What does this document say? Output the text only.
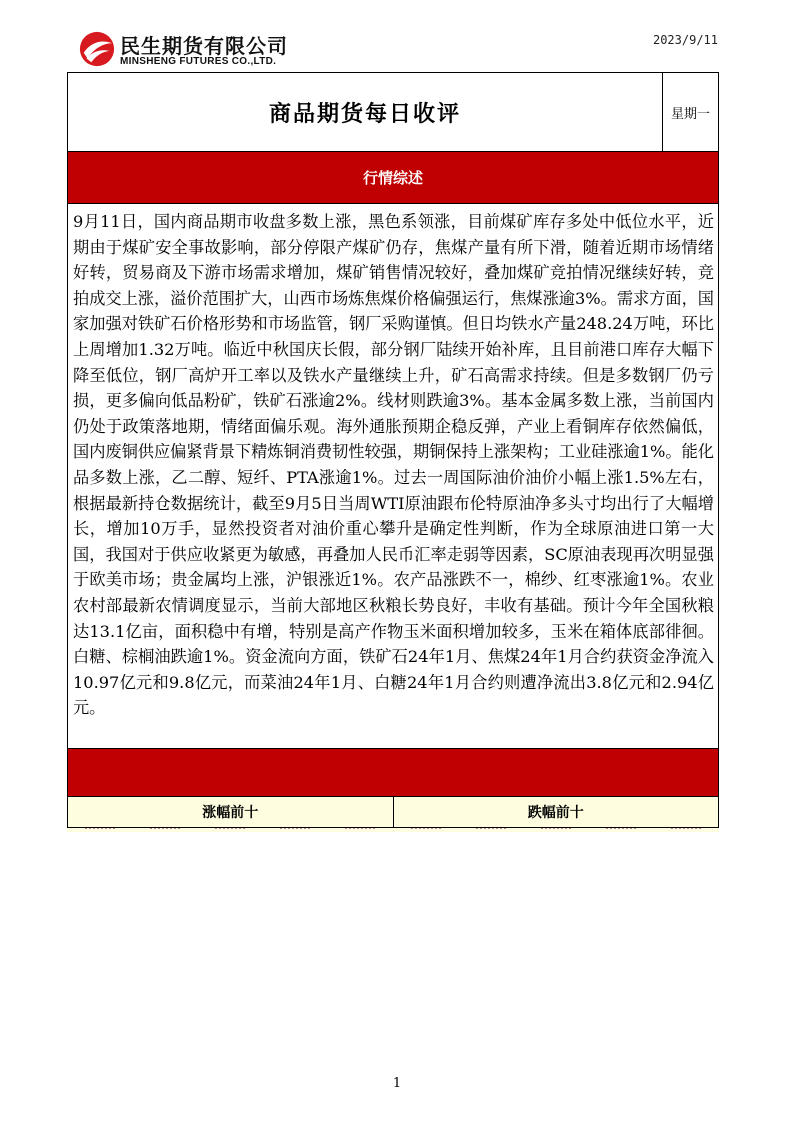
民生期货有限公司
MINSHENG FUTURES CO.,LTD.
2023/9/11
商品期货每日收评	星期一
行情综述

9月11日，国内商品期市收盘多数上涨，黑色系领涨，目前煤矿库存多处中低位水平，近期由于煤矿安全事故影响，部分停限产煤矿仍存，焦煤产量有所下滑，随着近期市场情绪好转，贸易商及下游市场需求增加，煤矿销售情况较好，叠加煤矿竞拍情况继续好转，竞拍成交上涨，溢价范围扩大，山西市场炼焦煤价格偏强运行，焦煤涨逾3%。需求方面，国家加强对铁矿石价格形势和市场监管，钢厂采购谨慎。但日均铁水产量248.24万吨，环比上周增加1.32万吨。临近中秋国庆长假，部分钢厂陆续开始补库，且目前港口库存大幅下降至低位，钢厂高炉开工率以及铁水产量继续上升，矿石高需求持续。但是多数钢厂仍亏损，更多偏向低品粉矿，铁矿石涨逾2%。线材则跌逾3%。基本金属多数上涨，当前国内仍处于政策落地期，情绪面偏乐观。海外通胀预期企稳反弹，产业上看铜库存依然偏低，国内废铜供应偏紧背景下精炼铜消费韧性较强，期铜保持上涨架构；工业硅涨逾1%。能化品多数上涨，乙二醇、短纤、PTA涨逾1%。过去一周国际油价油价小幅上涨1.5%左右，根据最新持仓数据统计，截至9月5日当周WTI原油跟布伦特原油净多头寸均出行了大幅增长，增加10万手，显然投资者对油价重心攀升是确定性判断，作为全球原油进口第一大国，我国对于供应收紧更为敏感，再叠加人民币汇率走弱等因素，SC原油表现再次明显强于欧美市场；贵金属均上涨，沪银涨近1%。农产品涨跌不一，棉纱、红枣涨逾1%。农业农村部最新农情调度显示，当前大部地区秋粮长势良好，丰收有基础。预计今年全国秋粮达13.1亿亩，面积稳中有增，特别是高产作物玉米面积增加较多，玉米在箱体底部徘徊。白糖、棕榈油跌逾1%。资金流向方面，铁矿石24年1月、焦煤24年1月合约获资金净流入10.97亿元和9.8亿元，而菜油24年1月、白糖24年1月合约则遭净流出3.8亿元和2.94亿元。

涨幅前十	跌幅前十
1
